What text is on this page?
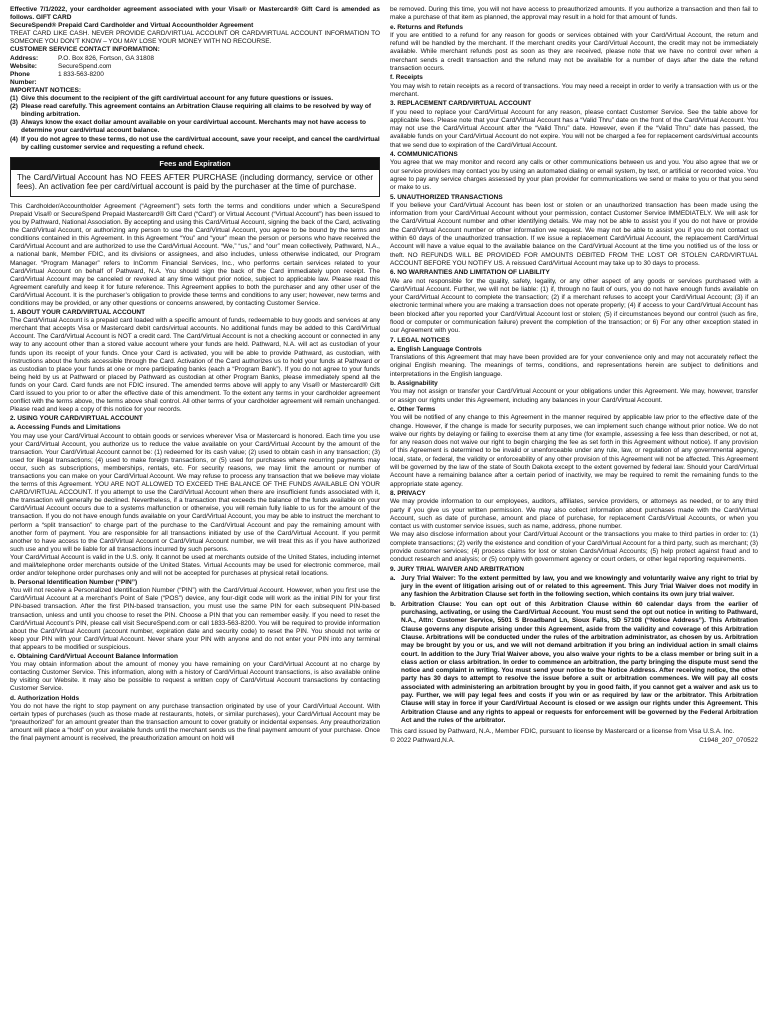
Effective 7/1/2022, your cardholder agreement associated with your Visa® or Mastercard® Gift Card is amended as follows. GIFT CARD

SecureSpend® Prepaid Card Cardholder and Virtual Accountholder Agreement

TREAT CARD LIKE CASH. NEVER PROVIDE CARD/VIRTUAL ACCOUNT OR CARD/VIRTUAL ACCOUNT INFORMATION TO SOMEONE YOU DON’T KNOW – YOU MAY LOSE YOUR MONEY WITH NO RECOURSE.

CUSTOMER SERVICE CONTACT INFORMATION:

Address:	P.O. Box 826, Fortson, GA 31808
Website:	SecureSpend.com
Phone Number:
1 833-563-8200

IMPORTANT NOTICES:

(1) Give this document to the recipient of the gift card/virtual account for any future questions or issues.
(2) Please read carefully. This agreement contains an Arbitration Clause requiring all claims to be resolved by way of binding arbitration.
(3) Always know the exact dollar amount available on your card/virtual account. Merchants may not have access to determine your card/virtual account balance.
(4) If you do not agree to these terms, do not use the card/virtual account, save your receipt, and cancel the card/virtual by calling customer service and requesting a refund check.
Fees and Expiration
The Card/Virtual Account has NO FEES AFTER PURCHASE (including dormancy, service or other fees). An activation fee per card/virtual account is paid by the purchaser at the time of purchase.

This Cardholder/Accountholder Agreement (“Agreement”) sets forth the terms and conditions under which a SecureSpend Prepaid Visa® or SecureSpend Prepaid Mastercard® Gift Card (“Card”) or Virtual Account (“Virtual Account”) has been issued to you by Pathward, National Association. By accepting and using this Card/Virtual Account, signing the back of the Card, activating the Card/Virtual Account, or authorizing any person to use the Card/Virtual Account, you agree to be bound by the terms and conditions contained in this Agreement. In this Agreement “You” and “your” mean the person or persons who have received the Card/Virtual Account and are authorized to use the Card/Virtual Account. “We,” “us,” and “our” mean collectively, Pathward, N.A., a national bank, Member FDIC, and its divisions or assignees, and also includes, unless otherwise indicated, our Program Manager. “Program Manager” refers to InComm Financial Services, Inc., who performs certain services related to your Card/Virtual Account on behalf of Pathward, N.A. You should sign the back of the Card immediately upon receipt. The Card/Virtual Account may be canceled or revoked at any time without prior notice, subject to applicable law. Please read this Agreement carefully and keep it for future reference. This Agreement applies to both the purchaser and any other user of the Card/Virtual Account. It is the purchaser’s obligation to provide these terms and conditions to any user; however, new terms and conditions may be provided, or any other questions or concerns answered, by contacting Customer Service.

1. ABOUT YOUR CARD/VIRTUAL ACCOUNT

The Card/Virtual Account is a prepaid card loaded with a specific amount of funds, redeemable to buy goods and services at any merchant that accepts Visa or Mastercard debit cards/virtual accounts. No additional funds may be added to this Card/Virtual Account. The Card/Virtual Account is NOT a credit card. The Card/Virtual Account is not a checking account or connected in any way to any account other than a stored value account where your funds are held. Pathward, N.A. will act as custodian of your funds upon its receipt of your funds. Once your Card is activated, you will be able to provide Pathward, as custodian, with instructions about the funds accessible through the Card. Activation of the Card authorizes us to hold your funds at Pathward or as custodian to place your funds at one or more participating banks (each a “Program Bank”). If you do not agree to your funds being held by us at Pathward or placed by Pathward as custodian at other Program Banks, please immediately spend all the funds on your Card. Card funds are not FDIC insured. The amended terms above will apply to any Visa® or Mastercard® Gift Card issued to you prior to or after the effective date of this amendment. To the extent any terms in your cardholder agreement conflict with the terms above, the terms above shall control. All other terms of your cardholder agreement will remain unchanged. Please read and keep a copy of this notice for your records.

2. USING YOUR CARD/VIRTUAL ACCOUNT

a. Accessing Funds and Limitations

You may use your Card/Virtual Account to obtain goods or services wherever Visa or Mastercard is honored. Each time you use your Card/Virtual Account, you authorize us to reduce the value available on your Card/Virtual Account by the amount of the transaction. Your Card/Virtual Account cannot be: (1) redeemed for its cash value; (2) used to obtain cash in any transaction; (3) used for illegal transactions; (4) used to make foreign transactions, or (5) used for purchases where recurring payments may occur, such as subscriptions, memberships, rentals, etc. For security reasons, we may limit the amount or number of transactions you can make on your Card/Virtual Account. We may refuse to process any transaction that we believe may violate the terms of this Agreement. YOU ARE NOT ALLOWED TO EXCEED THE BALANCE OF THE FUNDS AVAILABLE ON YOUR CARD/VIRTUAL ACCOUNT. If you attempt to use the Card/Virtual Account when there are insufficient funds associated with it, the transaction will generally be declined. Nevertheless, if a transaction that exceeds the balance of the funds available on your Card/Virtual Account occurs due to a systems malfunction or otherwise, you will remain fully liable to us for the amount of the transaction. If you do not have enough funds available on your Card/Virtual Account, you may be able to instruct the merchant to perform a “split transaction” to charge part of the purchase to the Card/Virtual Account and pay the remaining amount with another form of payment. You are responsible for all transactions initiated by use of the Card/Virtual Account. If you permit another to have access to the Card/Virtual Account or Card/Virtual Account number, we will treat this as if you have authorized such use and you will be liable for all transactions incurred by such persons.

Your Card/Virtual Account is valid in the U.S. only. It cannot be used at merchants outside of the United States, including internet and mail/telephone order merchants outside of the United States. Virtual Accounts may be used for electronic commerce, mail order and/or telephone order purchases only and will not be accepted for purchases at physical retail locations.

b. Personal Identification Number (“PIN”)

You will not receive a Personalized Identification Number (“PIN”) with the Card/Virtual Account. However, when you first use the Card/Virtual Account at a merchant’s Point of Sale (“POS”) device, any four-digit code will work as the initial PIN for your first PIN-based transaction. After the first PIN-based transaction, you must use the same PIN for each subsequent PIN-based transaction, unless and until you choose to reset the PIN. Choose a PIN that you can remember easily. If you need to reset the Card/Virtual Account’s PIN, please call visit SecureSpend.com or call 1833-563-8200. You will be required to provide information about the Card/Virtual Account (account number, expiration date and security code) to reset the PIN. You should not write or keep your PIN with your Card/Virtual Account. Never share your PIN with anyone and do not enter your PIN into any terminal that appears to be modified or suspicious.

c. Obtaining Card/Virtual Account Balance Information

You may obtain information about the amount of money you have remaining on your Card/Virtual Account at no charge by contacting Customer Service. This information, along with a history of Card/Virtual Account transactions, is also available online by visiting our Website. It may also be possible to request a written copy of Card/Virtual Account transactions by contacting Customer Service.

d. Authorization Holds

You do not have the right to stop payment on any purchase transaction originated by use of your Card/Virtual Account. With certain types of purchases (such as those made at restaurants, hotels, or similar purchases), your Card/Virtual Account may be “preauthorized” for an amount greater than the transaction amount to cover gratuity or incidental expenses. Any preauthorization amount will place a “hold” on your available funds until the merchant sends us the final payment amount of your purchase. Once the final payment amount is received, the preauthorization amount on hold will

be removed. During this time, you will not have access to preauthorized amounts. If you authorize a transaction and then fail to make a purchase of that item as planned, the approval may result in a hold for that amount of funds.

e. Returns and Refunds

If you are entitled to a refund for any reason for goods or services obtained with your Card/Virtual Account, the return and refund will be handled by the merchant. If the merchant credits your Card/Virtual Account, the credit may not be immediately available. While merchant refunds post as soon as they are received, please note that we have no control over when a merchant sends a credit transaction and the refund may not be available for a number of days after the date the refund transaction occurs.

f. Receipts

You may wish to retain receipts as a record of transactions. You may need a receipt in order to verify a transaction with us or the merchant.

3. REPLACEMENT CARD/VIRTUAL ACCOUNT

If you need to replace your Card/Virtual Account for any reason, please contact Customer Service. See the table above for applicable fees. Please note that your Card/Virtual Account has a “Valid Thru” date on the front of the Card/Virtual Account. You may not use the Card/Virtual Account after the “Valid Thru” date. However, even if the “Valid Thru” date has passed, the available funds on your Card/Virtual Account do not expire. You will not be charged a fee for replacement cards/virtual accounts that we send due to expiration of the Card/Virtual Account.

4. COMMUNICATIONS

You agree that we may monitor and record any calls or other communications between us and you. You also agree that we or our service providers may contact you by using an automated dialing or email system, by text, or artificial or recorded voice. You agree to pay any service charges assessed by your plan provider for communications we send or make to you or that you send or make to us.

5. UNAUTHORIZED TRANSACTIONS

If you believe your Card/Virtual Account has been lost or stolen or an unauthorized transaction has been made using the information from your Card/Virtual Account without your permission, contact Customer Service IMMEDIATELY. We will ask for the Card/Virtual Account number and other identifying details. We may not be able to assist you if you do not have or provide the Card/Virtual Account number or other information we request. We may not be able to assist you if you do not contact us within 60 days of the unauthorized transaction. If we issue a replacement Card/Virtual Account, the replacement Card/Virtual Account will have a value equal to the available balance on the Card/Virtual Account at the time you notified us of the loss or theft. NO REFUNDS WILL BE PROVIDED FOR AMOUNTS DEBITED FROM THE LOST OR STOLEN CARD/VIRTUAL ACCOUNT BEFORE YOU NOTIFY US. A reissued Card/Virtual Account may take up to 30 days to process.

6. NO WARRANTIES AND LIMITATION OF LIABILITY

We are not responsible for the quality, safety, legality, or any other aspect of any goods or services purchased with a Card/Virtual Account. Further, we will not be liable: (1) if, through no fault of ours, you do not have enough funds available on your Card/Virtual Account to complete the transaction; (2) if a merchant refuses to accept your Card/Virtual Account; (3) if an electronic terminal where you are making a transaction does not operate properly; (4) if access to your Card/Virtual Account has been blocked after you reported your Card/Virtual Account lost or stolen; (5) if circumstances beyond our control (such as fire, flood or computer or communication failure) prevent the completion of the transaction; or 6) For any other exception stated in our Agreement with you.

7. LEGAL NOTICES

a. English Language Controls

Translations of this Agreement that may have been provided are for your convenience only and may not accurately reflect the original English meaning. The meanings of terms, conditions, and representations herein are subject to definitions and interpretations in the English language.

b. Assignability

You may not assign or transfer your Card/Virtual Account or your obligations under this Agreement. We may, however, transfer or assign our rights under this Agreement, including any balances in your Card/Virtual Account.

c. Other Terms

You will be notified of any change to this Agreement in the manner required by applicable law prior to the effective date of the change. However, if the change is made for security purposes, we can implement such change without prior notice. We do not waive our rights by delaying or failing to exercise them at any time (for example, assessing a fee less than described, or not at, for any reason does not waive our right to begin charging the fee as set forth in this Agreement without notice). If any provision of this Agreement is determined to be invalid or unenforceable under any rule, law, or regulation of any governmental agency, local, state, or federal, the validity or enforceability of any other provision of this Agreement will not be affected. This Agreement will be governed by the law of the state of South Dakota except to the extent governed by federal law. Should your Card/Virtual Account have a remaining balance after a certain period of inactivity, we may be required to remit the remaining funds to the appropriate state agency.

8. PRIVACY

We may provide information to our employees, auditors, affiliates, service providers, or attorneys as needed, or to any third party if you give us your written permission. We may also collect information about purchases made with the Card/Virtual Account, such as date of purchase, amount and place of purchase, for replacement Cards/Virtual Accounts, or when you contact us with customer service issues, such as name, address, phone number.

We may also disclose information about your Card/Virtual Account or the transactions you make to third parties in order to: (1) complete transactions; (2) verify the existence and condition of your Card/Virtual Account for a third party, such as merchant; (3) provide customer services; (4) process claims for lost or stolen Cards/Virtual Accounts; (5) help protect against fraud and to conduct research and analysis; or (5) comply with government agency or court orders, or other legal reporting requirements.

9. JURY TRIAL WAIVER AND ARBITRATION

a. Jury Trial Waiver: To the extent permitted by law, you and we knowingly and voluntarily waive any right to trial by jury in the event of litigation arising out of or related to this agreement. This Jury Trial Waiver does not modify in any fashion the Arbitration Clause set forth in the following section, which contains its own jury trial waiver.
b. Arbitration Clause: You can opt out of this Arbitration Clause within 60 calendar days from the earlier of purchasing, activating, or using the Card/Virtual Account. You must send the opt out notice in writing to Pathward, N.A., Attn: Customer Service, 5501 S Broadband Ln, Sioux Falls, SD 57108 (“Notice Address”). This Arbitration Clause governs any dispute arising under this Agreement, aside from the validity and coverage of this Arbitration Clause. Arbitrations will be conducted under the rules of the arbitration administrator, as chosen by us. Arbitration may be brought by you or us, and we will not demand arbitration if you bring an individual action in small claims court. In addition to the Jury Trial Waiver above, you also waive your rights to be a class member or bring suit in a class action or class arbitration. In order to commence an arbitration, the party bringing the dispute must send the notice and complaint in writing. You must send your notice to the Notice Address. After receiving notice, the other party has 30 days to attempt to resolve the issue before a suit or arbitration commences. We will pay all costs associated with administering an arbitration brought by you in good faith, if you cannot get a waiver and ask us to pay. Further, we will pay legal fees and costs if you win or as required by law or the arbitrator. This Arbitration Clause will stay in force if your Card/Virtual Account is closed or we assign our rights under this Agreement. This Arbitration Clause and any rights to appeal or requests for enforcement will be governed by the Federal Arbitration Act and the rules of the arbitrator.

This card issued by Pathward, N.A., Member FDIC, pursuant to license by Mastercard or a license from Visa U.S.A. Inc.

© 2022 Pathward,N.A.	C1948_207_070522
